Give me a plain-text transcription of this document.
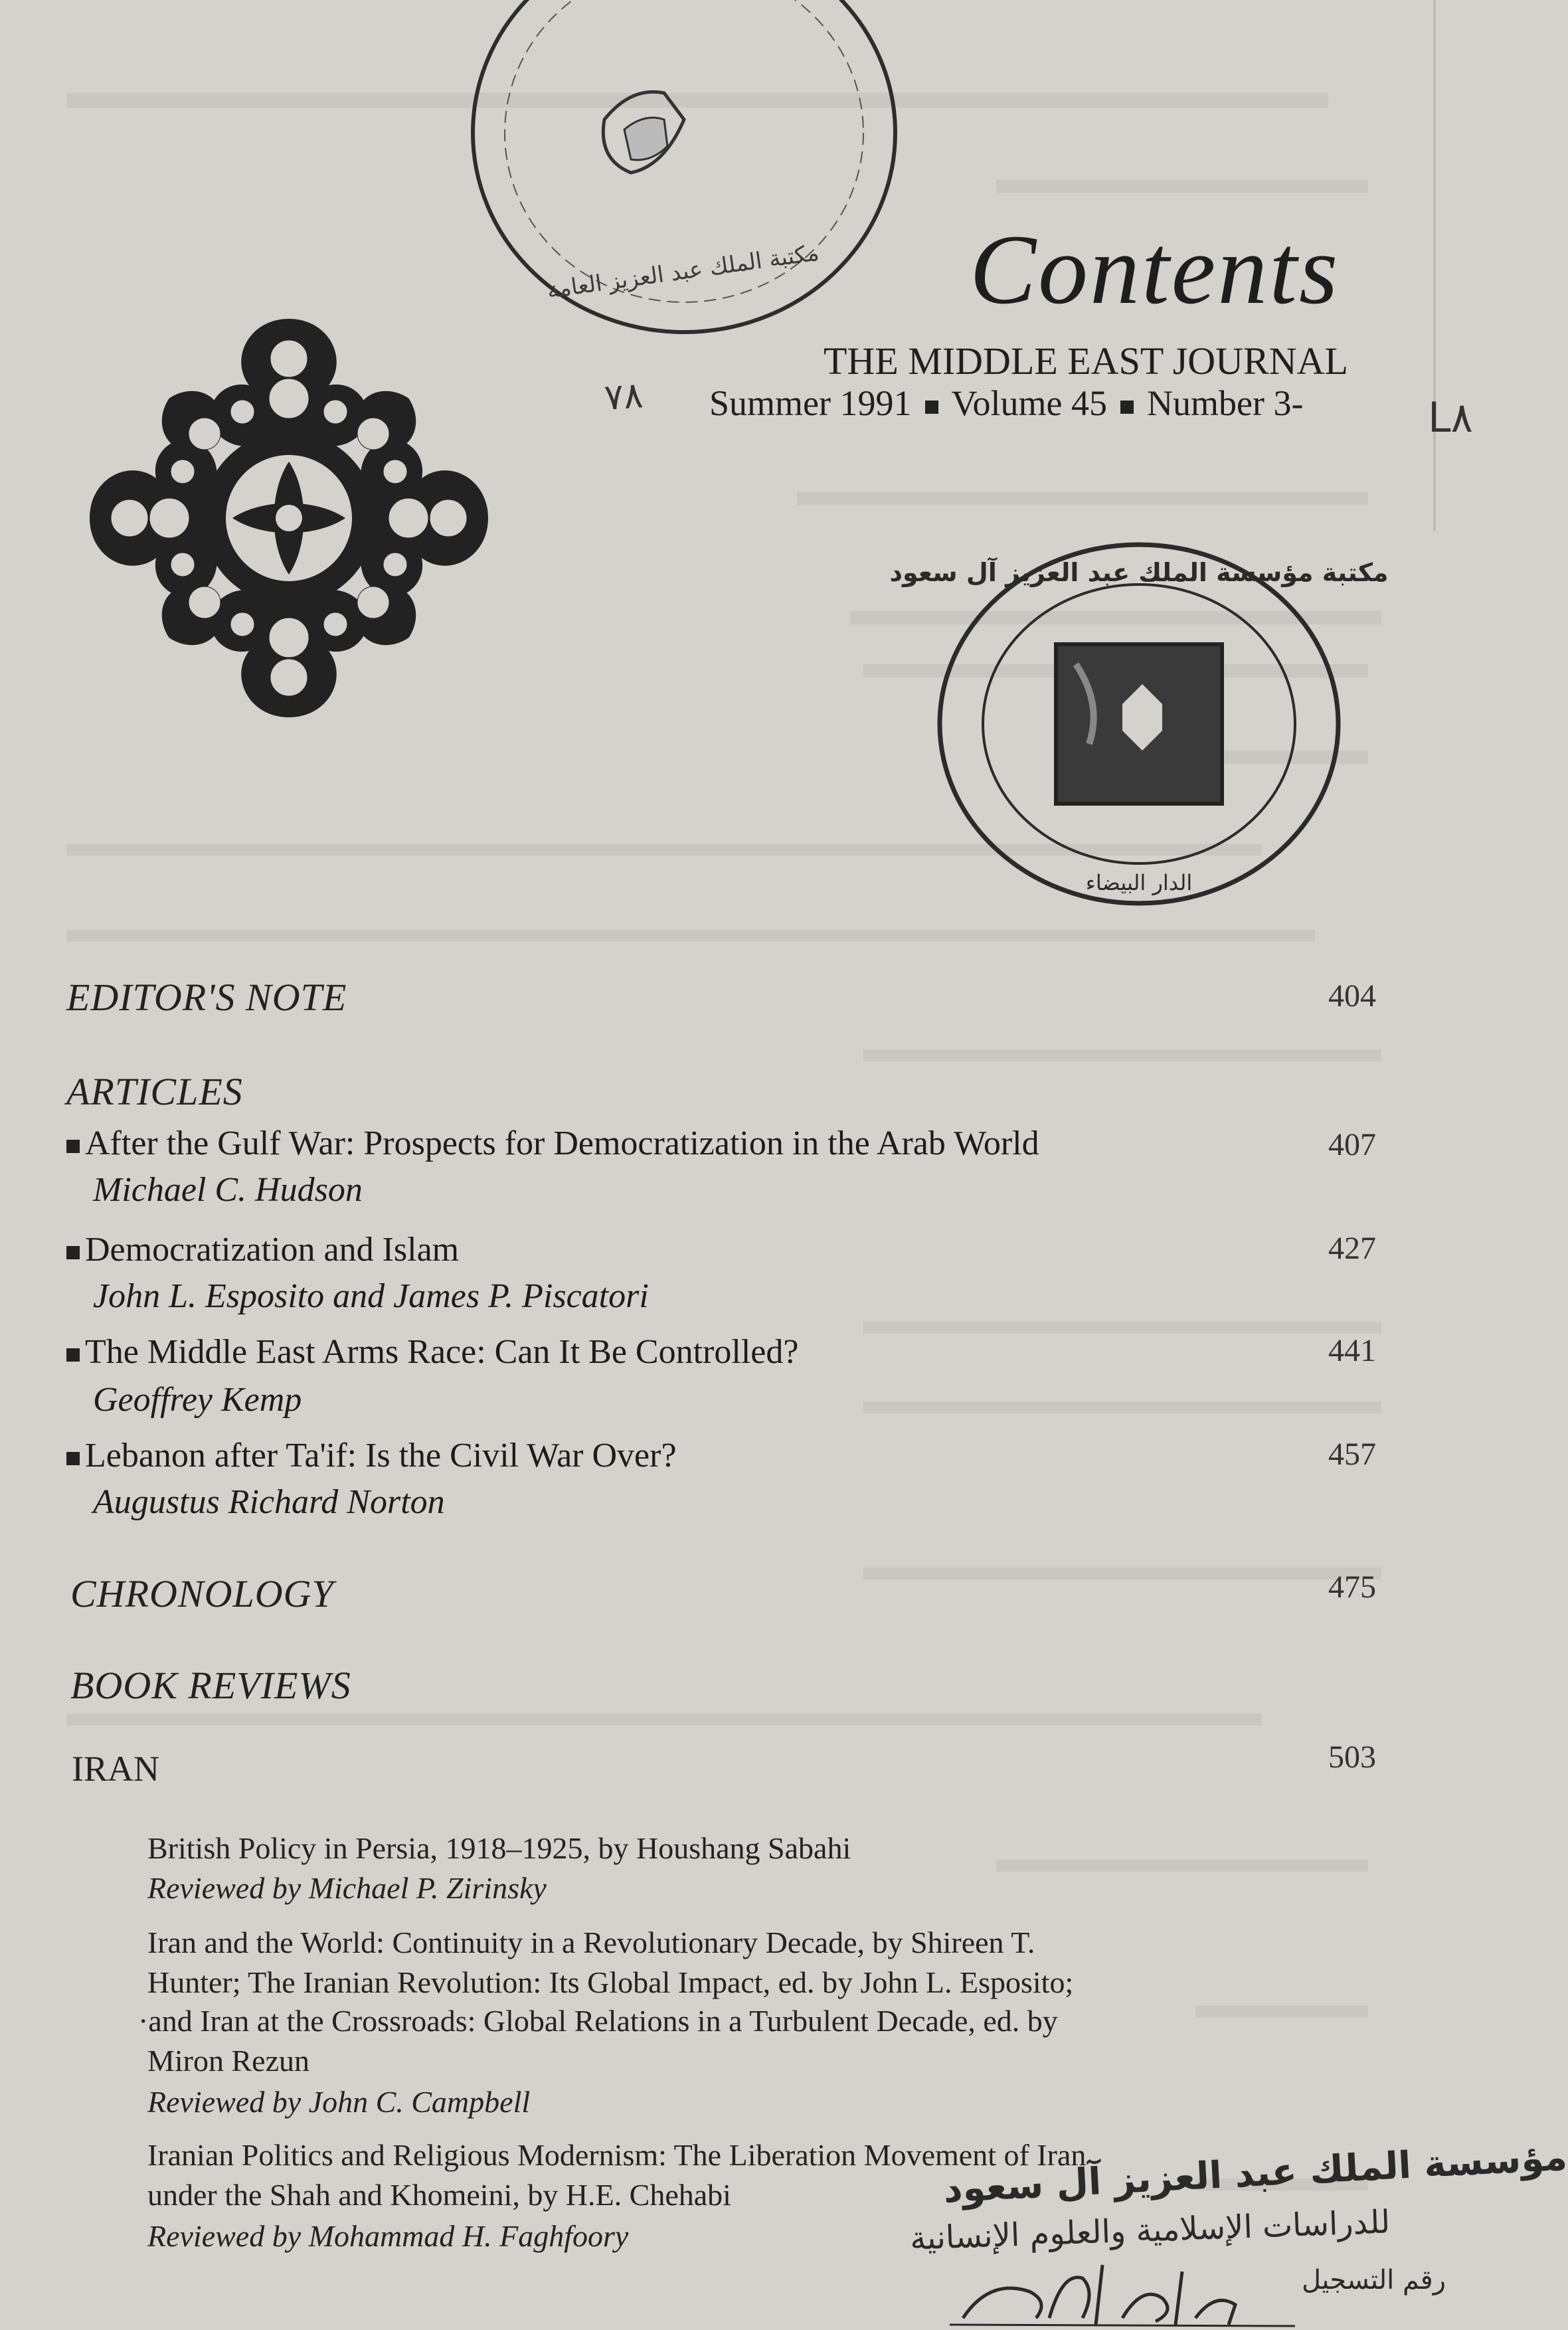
مكتبة الملك عبد العزيز العامة
مكتبة مؤسسة الملك عبد العزيز آل سعود
الدار البيضاء
Contents
THE MIDDLE EAST JOURNAL
Summer 1991 Volume 45 Number 3-
٧٨	L٨
EDITOR'S NOTE	404
ARTICLES
After the Gulf War: Prospects for Democratization in the Arab World	407
Michael C. Hudson
Democratization and Islam	427
John L. Esposito and James P. Piscatori
The Middle East Arms Race: Can It Be Controlled?	441
Geoffrey Kemp
Lebanon after Ta'if: Is the Civil War Over?	457
Augustus Richard Norton
CHRONOLOGY	475
BOOK REVIEWS
IRAN	503
British Policy in Persia, 1918–1925, by Houshang Sabahi
Reviewed by Michael P. Zirinsky
Iran and the World: Continuity in a Revolutionary Decade, by Shireen T.
Hunter; The Iranian Revolution: Its Global Impact, ed. by John L. Esposito;
·and Iran at the Crossroads: Global Relations in a Turbulent Decade, ed. by
Miron Rezun
Reviewed by John C. Campbell
Iranian Politics and Religious Modernism: The Liberation Movement of Iran
under the Shah and Khomeini, by H.E. Chehabi
Reviewed by Mohammad H. Faghfoory
مؤسسة الملك عبد العزيز آل سعود
للدراسات الإسلامية والعلوم الإنسانية
رقم التسجيل
